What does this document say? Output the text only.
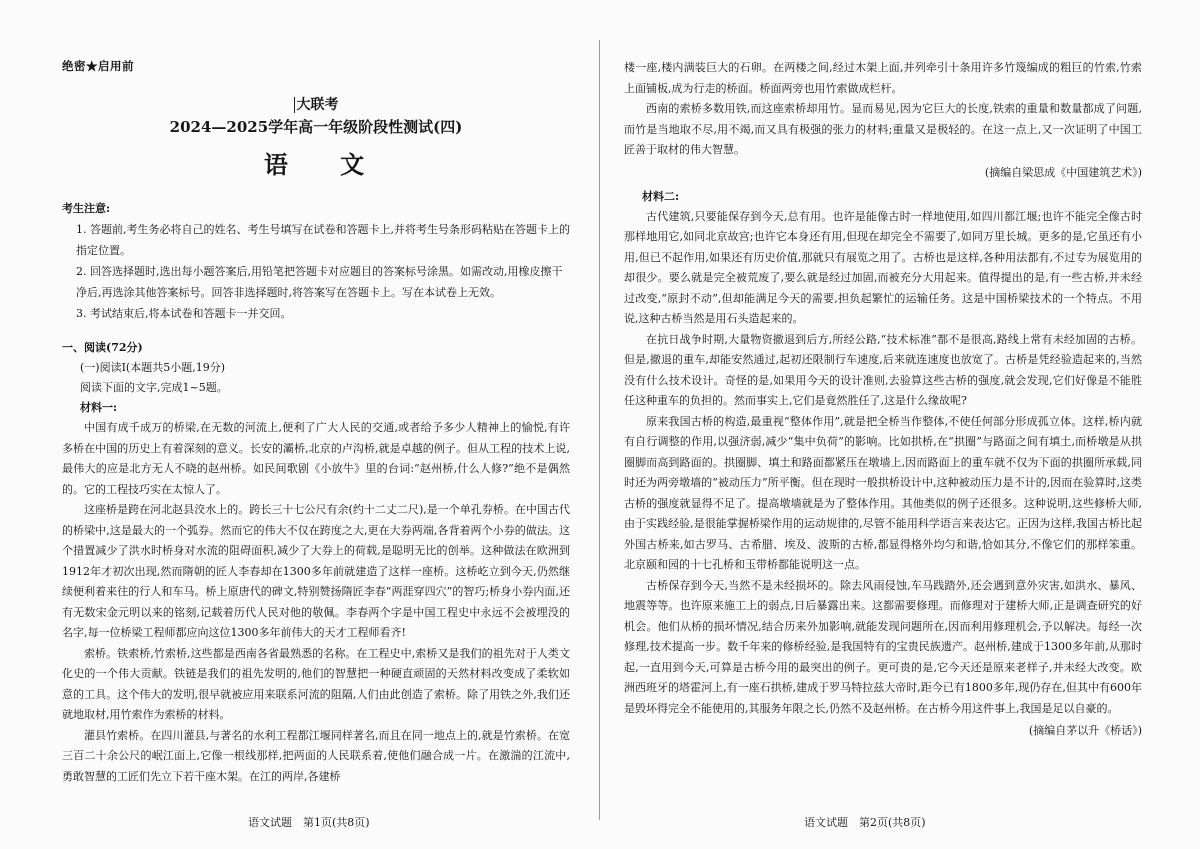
绝密★启用前
大联考
2024—2025学年高一年级阶段性测试(四)
语 文
考生注意:
1. 答题前,考生务必将自己的姓名、考生号填写在试卷和答题卡上,并将考生号条形码粘贴在答题卡上的指定位置。
2. 回答选择题时,选出每小题答案后,用铅笔把答题卡对应题目的答案标号涂黑。如需改动,用橡皮擦干净后,再选涂其他答案标号。回答非选择题时,将答案写在答题卡上。写在本试卷上无效。
3. 考试结束后,将本试卷和答题卡一并交回。
一、阅读(72分)
(一)阅读Ⅰ(本题共5小题,19分)
阅读下面的文字,完成1~5题。
材料一:

中国有成千成万的桥梁,在无数的河流上,便利了广大人民的交通,或者给予多少人精神上的愉悦,有许多桥在中国的历史上有着深刻的意义。长安的灞桥,北京的卢沟桥,就是卓越的例子。但从工程的技术上说,最伟大的应是北方无人不晓的赵州桥。如民间歌剧《小放牛》里的台词:“赵州桥,什么人修?”绝不是偶然的。它的工程技巧实在太惊人了。

这座桥是跨在河北赵县洨水上的。跨长三十七公尺有余(约十二丈二尺),是一个单孔券桥。在中国古代的桥梁中,这是最大的一个弧券。然而它的伟大不仅在跨度之大,更在大券两端,各背着两个小券的做法。这个措置减少了洪水时桥身对水流的阻碍面积,减少了大券上的荷载,是聪明无比的创举。这种做法在欧洲到1912年才初次出现,然而隋朝的匠人李春却在1300多年前就建造了这样一座桥。这桥屹立到今天,仍然继续便利着来往的行人和车马。桥上原唐代的碑文,特别赞扬隋匠李春“两涯穿四穴”的智巧;桥身小券内面,还有无数宋金元明以来的铭刻,记载着历代人民对他的敬佩。李春两个字是中国工程史中永远不会被埋没的名字,每一位桥梁工程师都应向这位1300多年前伟大的天才工程师看齐!

索桥。铁索桥,竹索桥,这些都是西南各省最熟悉的名称。在工程史中,索桥又是我们的祖先对于人类文化史的一个伟大贡献。铁链是我们的祖先发明的,他们的智慧把一种硬直顽固的天然材料改变成了柔软如意的工具。这个伟大的发明,很早就被应用来联系河流的阻隔,人们由此创造了索桥。除了用铁之外,我们还就地取材,用竹索作为索桥的材料。

灌县竹索桥。在四川灌县,与著名的水利工程都江堰同样著名,而且在同一地点上的,就是竹索桥。在宽三百二十余公尺的岷江面上,它像一根线那样,把两面的人民联系着,使他们融合成一片。在激湍的江流中,勇敢智慧的工匠们先立下若干座木架。在江的两岸,各建桥

楼一座,楼内满装巨大的石卵。在两楼之间,经过木架上面,并列牵引十条用许多竹篾编成的粗巨的竹索,竹索上面铺板,成为行走的桥面。桥面两旁也用竹索做成栏杆。

西南的索桥多数用铁,而这座索桥却用竹。显而易见,因为它巨大的长度,铁索的重量和数量都成了问题,而竹是当地取不尽,用不竭,而又具有极强的张力的材料;重量又是极轻的。在这一点上,又一次证明了中国工匠善于取材的伟大智慧。

(摘编自梁思成《中国建筑艺术》)
材料二:

古代建筑,只要能保存到今天,总有用。也许是能像古时一样地使用,如四川都江堰;也许不能完全像古时那样地用它,如同北京故宫;也许它本身还有用,但现在却完全不需要了,如同万里长城。更多的是,它虽还有小用,但已不起作用,如果还有历史价值,那就只有展览之用了。古桥也是这样,各种用法都有,不过专为展览用的却很少。要么就是完全被荒废了,要么就是经过加固,而被充分大用起来。值得提出的是,有一些古桥,并未经过改变,“原封不动”,但却能满足今天的需要,担负起繁忙的运输任务。这是中国桥梁技术的一个特点。不用说,这种古桥当然是用石头造起来的。

在抗日战争时期,大量物资撤退到后方,所经公路,“技术标准”都不是很高,路线上常有未经加固的古桥。但是,撤退的重车,却能安然通过,起初还限制行车速度,后来就连速度也放宽了。古桥是凭经验造起来的,当然没有什么技术设计。奇怪的是,如果用今天的设计准则,去验算这些古桥的强度,就会发现,它们好像是不能胜任这种重车的负担的。然而事实上,它们是竟然胜任了,这是什么缘故呢?

原来我国古桥的构造,最重视“整体作用”,就是把全桥当作整体,不使任何部分形成孤立体。这样,桥内就有自行调整的作用,以强济弱,减少“集中负荷”的影响。比如拱桥,在“拱圈”与路面之间有填土,而桥墩是从拱圈脚而高到路面的。拱圈脚、填土和路面都紧压在墩墙上,因而路面上的重车就不仅为下面的拱圈所承载,同时还为两旁墩墙的“被动压力”所平衡。但在现时一般拱桥设计中,这种被动压力是不计的,因而在验算时,这类古桥的强度就显得不足了。提高墩墙就是为了整体作用。其他类似的例子还很多。这种说明,这些修桥大师,由于实践经验,是很能掌握桥梁作用的运动规律的,尽管不能用科学语言来表达它。正因为这样,我国古桥比起外国古桥来,如古罗马、古希腊、埃及、波斯的古桥,都显得格外均匀和谐,恰如其分,不像它们的那样笨重。北京颐和园的十七孔桥和玉带桥都能说明这一点。

古桥保存到今天,当然不是未经损坏的。除去风雨侵蚀,车马践踏外,还会遇到意外灾害,如洪水、暴风、地震等等。也许原来施工上的弱点,日后暴露出来。这都需要修理。而修理对于建桥大师,正是调查研究的好机会。他们从桥的损坏情况,结合历来外加影响,就能发现问题所在,因而利用修理机会,予以解决。每经一次修理,技术提高一步。数千年来的修桥经验,是我国特有的宝贵民族遗产。赵州桥,建成于1300多年前,从那时起,一直用到今天,可算是古桥今用的最突出的例子。更可贵的是,它今天还是原来老样子,并未经大改变。欧洲西班牙的塔霍河上,有一座石拱桥,建成于罗马特拉兹大帝时,距今已有1800多年,现仍存在,但其中有600年是毁坏得完全不能使用的,其服务年限之长,仍然不及赵州桥。在古桥今用这件事上,我国是足以自豪的。

(摘编自茅以升《桥话》)
语文试题　第1页(共8页)	语文试题　第2页(共8页)
